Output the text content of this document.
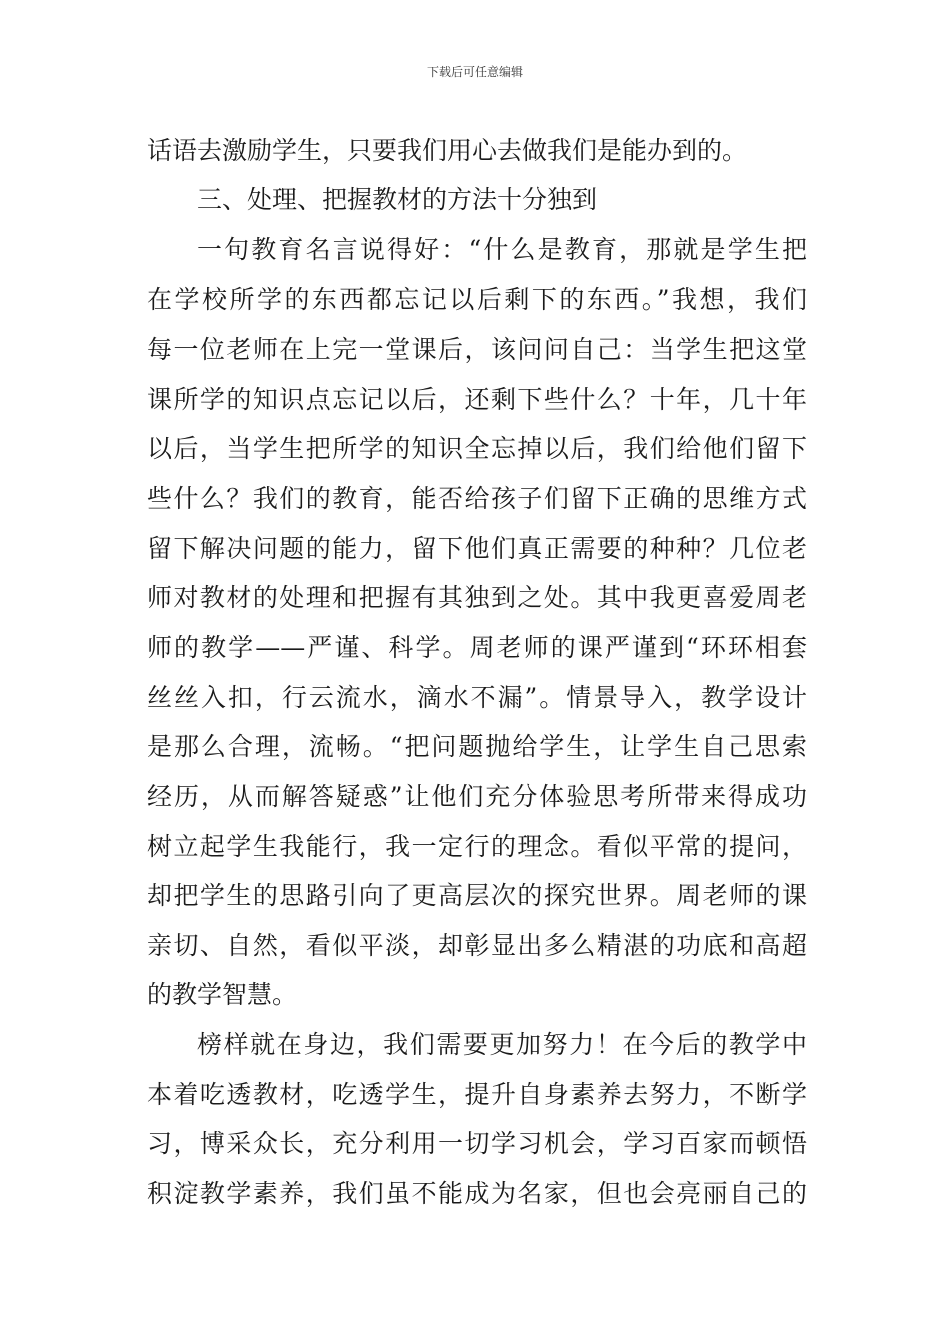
下载后可任意编辑
话语去激励学生，只要我们用心去做我们是能办到的。
三、处理、把握教材的方法十分独到
一句教育名言说得好：“什么是教育，那就是学生把
在学校所学的东西都忘记以后剩下的东西。”我想，我们
每一位老师在上完一堂课后，该问问自己：当学生把这堂
课所学的知识点忘记以后，还剩下些什么？十年，几十年
以后，当学生把所学的知识全忘掉以后，我们给他们留下
些什么？我们的教育，能否给孩子们留下正确的思维方式
留下解决问题的能力，留下他们真正需要的种种？几位老
师对教材的处理和把握有其独到之处。其中我更喜爱周老
师的教学——严谨、科学。周老师的课严谨到“环环相套
丝丝入扣，行云流水，滴水不漏”。情景导入，教学设计
是那么合理，流畅。“把问题抛给学生，让学生自己思索
经历，从而解答疑惑”让他们充分体验思考所带来得成功
树立起学生我能行，我一定行的理念。看似平常的提问，
却把学生的思路引向了更高层次的探究世界。周老师的课
亲切、自然，看似平淡，却彰显出多么精湛的功底和高超
的教学智慧。
榜样就在身边，我们需要更加努力！在今后的教学中
本着吃透教材，吃透学生，提升自身素养去努力，不断学
习，博采众长，充分利用一切学习机会，学习百家而顿悟
积淀教学素养，我们虽不能成为名家，但也会亮丽自己的
